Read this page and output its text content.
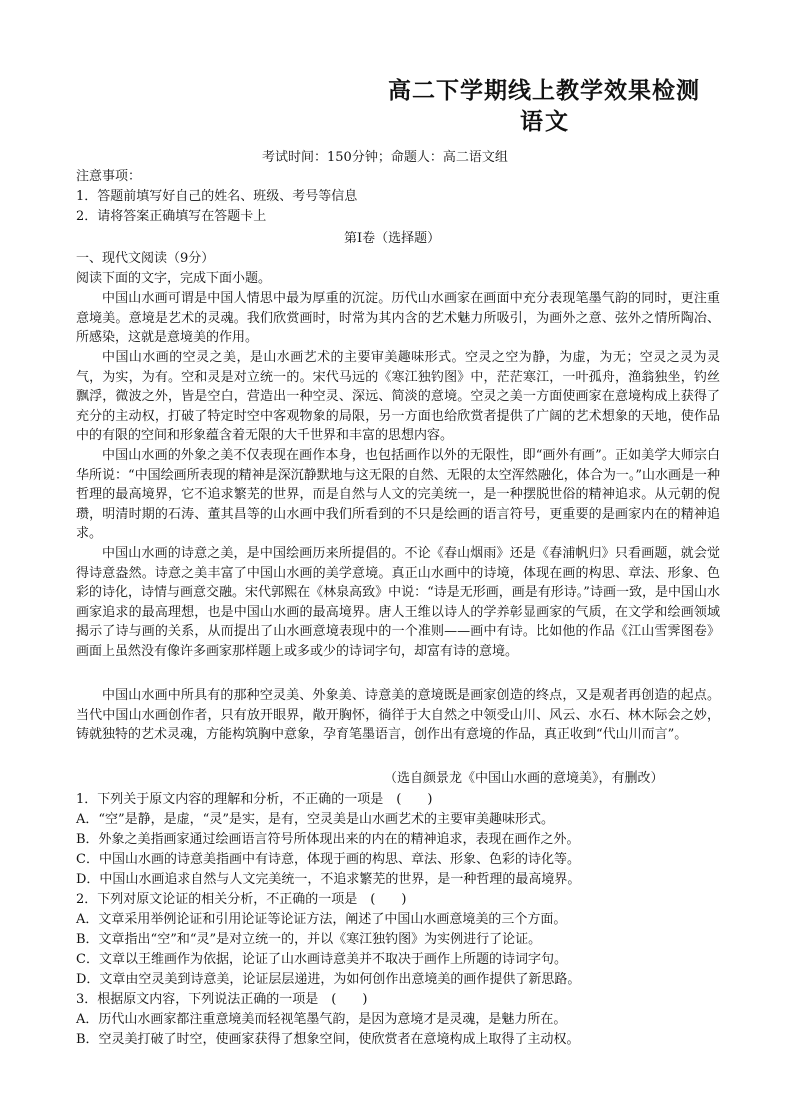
高二下学期线上教学效果检测
语文
考试时间：150分钟；命题人：高二语文组
注意事项：
1．答题前填写好自己的姓名、班级、考号等信息
2．请将答案正确填写在答题卡上
第I卷（选择题）
一、现代文阅读（9分）
阅读下面的文字，完成下面小题。
中国山水画可谓是中国人情思中最为厚重的沉淀。历代山水画家在画面中充分表现笔墨气韵的同时，更注重意境美。意境是艺术的灵魂。我们欣赏画时，时常为其内含的艺术魅力所吸引，为画外之意、弦外之情所陶冶、所感染，这就是意境美的作用。
中国山水画的空灵之美，是山水画艺术的主要审美趣味形式。空灵之空为静，为虚，为无；空灵之灵为灵气，为实，为有。空和灵是对立统一的。宋代马远的《寒江独钓图》中，茫茫寒江，一叶孤舟，渔翁独坐，钓丝飘浮，微波之外，皆是空白，营造出一种空灵、深远、简淡的意境。空灵之美一方面使画家在意境构成上获得了充分的主动权，打破了特定时空中客观物象的局限，另一方面也给欣赏者提供了广阔的艺术想象的天地，使作品中的有限的空间和形象蕴含着无限的大千世界和丰富的思想内容。
中国山水画的外象之美不仅表现在画作本身，也包括画作以外的无限性，即“画外有画”。正如美学大师宗白华所说：“中国绘画所表现的精神是深沉静默地与这无限的自然、无限的太空浑然融化，体合为一。”山水画是一种哲理的最高境界，它不追求繁芜的世界，而是自然与人文的完美统一，是一种摆脱世俗的精神追求。从元朝的倪瓒，明清时期的石涛、董其昌等的山水画中我们所看到的不只是绘画的语言符号，更重要的是画家内在的精神追求。
中国山水画的诗意之美，是中国绘画历来所提倡的。不论《春山烟雨》还是《春浦帆归》只看画题，就会觉得诗意盎然。诗意之美丰富了中国山水画的美学意境。真正山水画中的诗境，体现在画的构思、章法、形象、色彩的诗化，诗情与画意交融。宋代郭熙在《林泉高致》中说：“诗是无形画，画是有形诗。”诗画一致，是中国山水画家追求的最高理想，也是中国山水画的最高境界。唐人王维以诗人的学养彰显画家的气质，在文学和绘画领域揭示了诗与画的关系，从而提出了山水画意境表现中的一个准则——画中有诗。比如他的作品《江山雪霁图卷》画面上虽然没有像许多画家那样题上或多或少的诗词字句，却富有诗的意境。
中国山水画中所具有的那种空灵美、外象美、诗意美的意境既是画家创造的终点，又是观者再创造的起点。当代中国山水画创作者，只有放开眼界，敞开胸怀，徜徉于大自然之中领受山川、风云、水石、林木际会之妙，铸就独特的艺术灵魂，方能构筑胸中意象，孕育笔墨语言，创作出有意境的作品，真正收到“代山川而言”。
（选自颜景龙《中国山水画的意境美》，有删改）
1．下列关于原文内容的理解和分析，不正确的一项是　(　　)
A．“空”是静，是虚，“灵”是实，是有，空灵美是山水画艺术的主要审美趣味形式。
B．外象之美指画家通过绘画语言符号所体现出来的内在的精神追求，表现在画作之外。
C．中国山水画的诗意美指画中有诗意，体现于画的构思、章法、形象、色彩的诗化等。
D．中国山水画追求自然与人文完美统一，不追求繁芜的世界，是一种哲理的最高境界。
2．下列对原文论证的相关分析，不正确的一项是　(　　)
A．文章采用举例论证和引用论证等论证方法，阐述了中国山水画意境美的三个方面。
B．文章指出“空”和“灵”是对立统一的，并以《寒江独钓图》为实例进行了论证。
C．文章以王维画作为依据，论证了山水画诗意美并不取决于画作上所题的诗词字句。
D．文章由空灵美到诗意美，论证层层递进，为如何创作出意境美的画作提供了新思路。
3．根据原文内容，下列说法正确的一项是　(　　)
A．历代山水画家都注重意境美而轻视笔墨气韵，是因为意境才是灵魂，是魅力所在。
B．空灵美打破了时空，使画家获得了想象空间，使欣赏者在意境构成上取得了主动权。
